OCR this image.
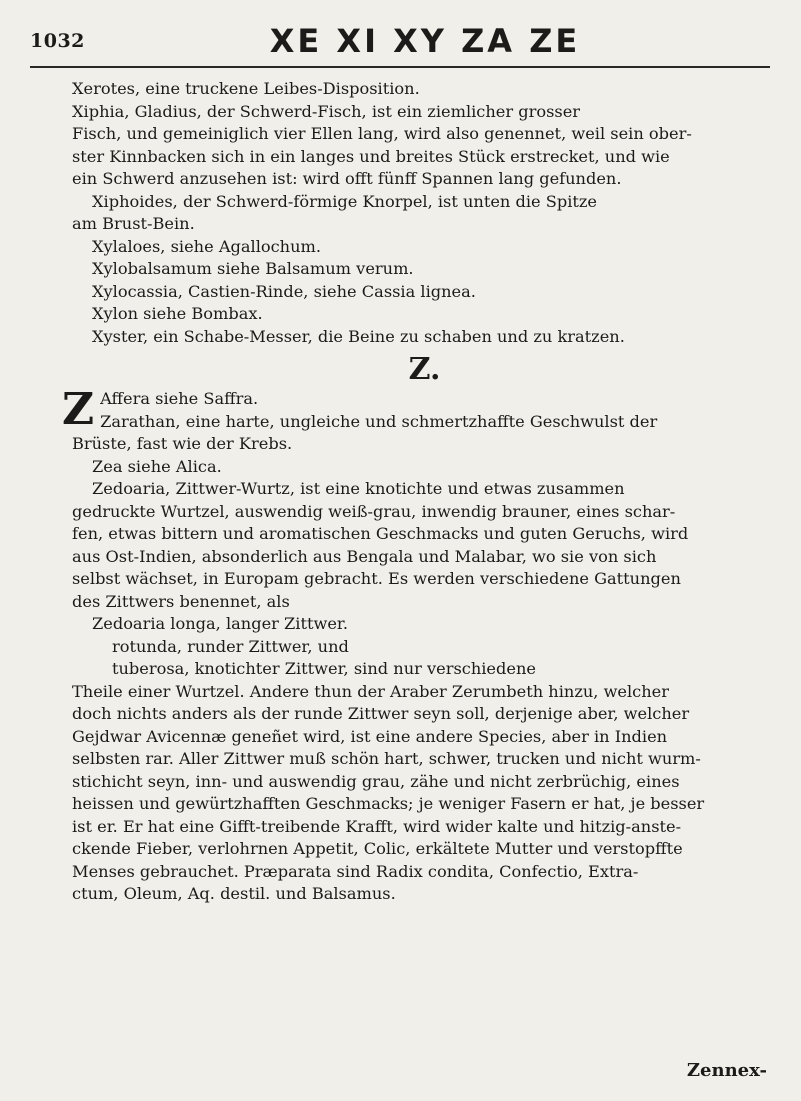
1032	XE XI XY ZA ZE

Xerotes, eine truckene Leibes-Disposition.

Xiphia, Gladius, der Schwerd-Fisch, ist ein ziemlicher grosser

Fisch, und gemeiniglich vier Ellen lang, wird also genennet, weil sein ober-

ster Kinnbacken sich in ein langes und breites Stück erstrecket, und wie

ein Schwerd anzusehen ist: wird offt fünff Spannen lang gefunden.

Xiphoides, der Schwerd-förmige Knorpel, ist unten die Spitze

am Brust-Bein.

Xylaloes, siehe Agallochum.

Xylobalsamum siehe Balsamum verum.

Xylocassia, Castien-Rinde, siehe Cassia lignea.

Xylon siehe Bombax.

Xyster, ein Schabe-Messer, die Beine zu schaben und zu kratzen.

Z.

Z Affera siehe Saffra.

Zarathan, eine harte, ungleiche und schmertzhaffte Geschwulst der

Brüste, fast wie der Krebs.

Zea siehe Alica.

Zedoaria, Zittwer-Wurtz, ist eine knotichte und etwas zusammen

gedruckte Wurtzel, auswendig weiß-grau, inwendig brauner, eines schar-

fen, etwas bittern und aromatischen Geschmacks und guten Geruchs, wird

aus Ost-Indien, absonderlich aus Bengala und Malabar, wo sie von sich

selbst wächset, in Europam gebracht. Es werden verschiedene Gattungen

des Zittwers benennet, als

Zedoaria longa, langer Zittwer.

rotunda, runder Zittwer, und

tuberosa, knotichter Zittwer, sind nur verschiedene

Theile einer Wurtzel. Andere thun der Araber Zerumbeth hinzu, welcher

doch nichts anders als der runde Zittwer seyn soll, derjenige aber, welcher

Gejdwar Avicennæ geneñet wird, ist eine andere Species, aber in Indien

selbsten rar. Aller Zittwer muß schön hart, schwer, trucken und nicht wurm-

stichicht seyn, inn- und auswendig grau, zähe und nicht zerbrüchig, eines

heissen und gewürtzhafften Geschmacks; je weniger Fasern er hat, je besser

ist er. Er hat eine Gifft-treibende Krafft, wird wider kalte und hitzig-anste-

ckende Fieber, verlohrnen Appetit, Colic, erkältete Mutter und verstopffte

Menses gebrauchet. Præparata sind Radix condita, Confectio, Extra-

ctum, Oleum, Aq. destil. und Balsamus.

Zennex-
